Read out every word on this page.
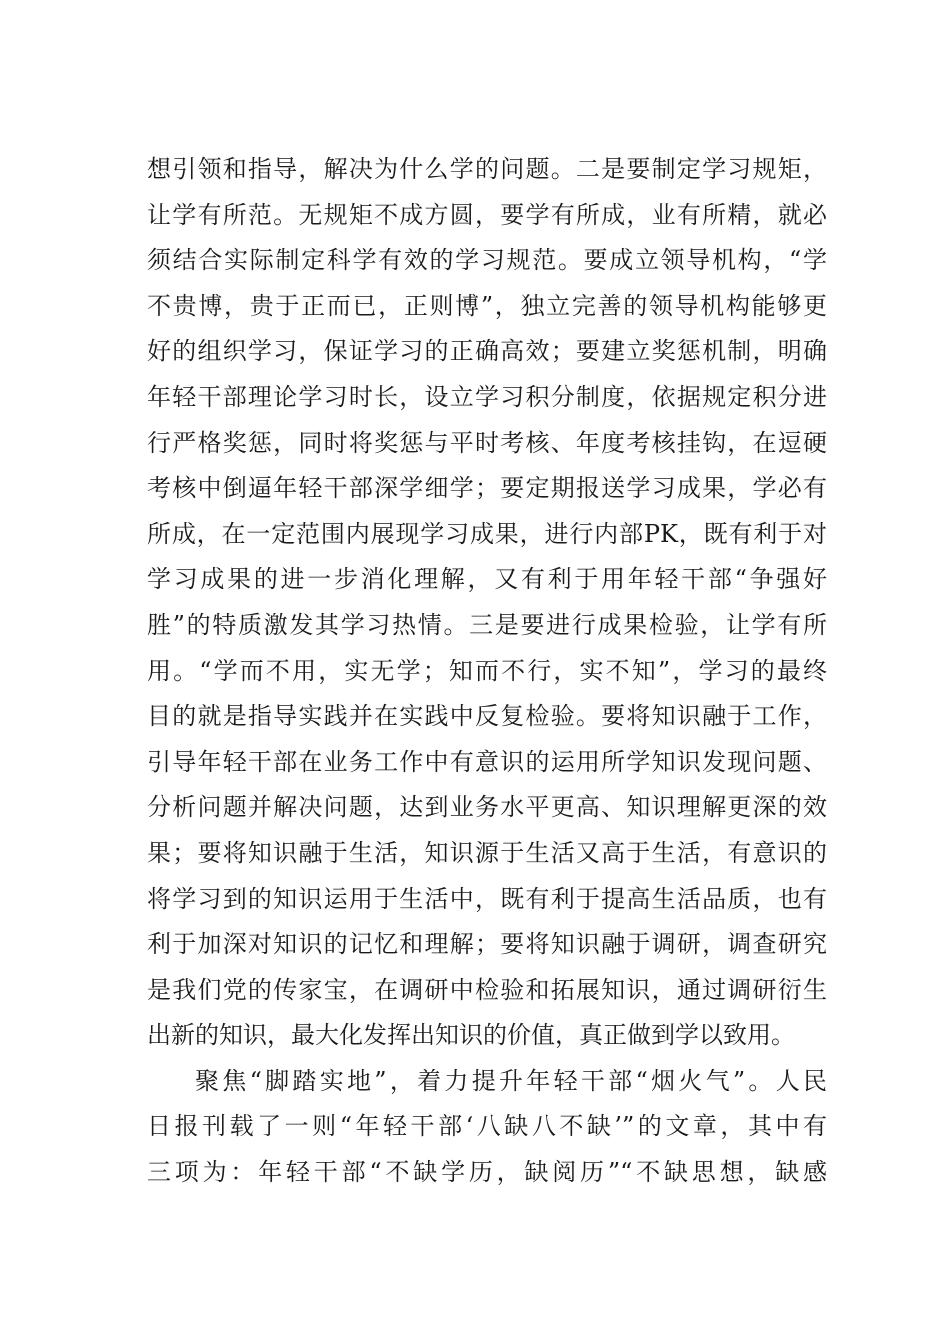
想引领和指导，解决为什么学的问题。二是要制定学习规矩，
让学有所范。无规矩不成方圆，要学有所成，业有所精，就必
须结合实际制定科学有效的学习规范。要成立领导机构，“学
不贵博，贵于正而已，正则博”，独立完善的领导机构能够更
好的组织学习，保证学习的正确高效；要建立奖惩机制，明确
年轻干部理论学习时长，设立学习积分制度，依据规定积分进
行严格奖惩，同时将奖惩与平时考核、年度考核挂钩，在逗硬
考核中倒逼年轻干部深学细学；要定期报送学习成果，学必有
所成，在一定范围内展现学习成果，进行内部PK，既有利于对
学习成果的进一步消化理解，又有利于用年轻干部“争强好
胜”的特质激发其学习热情。三是要进行成果检验，让学有所
用。“学而不用，实无学；知而不行，实不知”，学习的最终
目的就是指导实践并在实践中反复检验。要将知识融于工作，
引导年轻干部在业务工作中有意识的运用所学知识发现问题、
分析问题并解决问题，达到业务水平更高、知识理解更深的效
果；要将知识融于生活，知识源于生活又高于生活，有意识的
将学习到的知识运用于生活中，既有利于提高生活品质，也有
利于加深对知识的记忆和理解；要将知识融于调研，调查研究
是我们党的传家宝，在调研中检验和拓展知识，通过调研衍生
出新的知识，最大化发挥出知识的价值，真正做到学以致用。
聚焦“脚踏实地”，着力提升年轻干部“烟火气”。人民
日报刊载了一则“年轻干部‘八缺八不缺’”的文章，其中有
三项为：年轻干部“不缺学历，缺阅历”“不缺思想，缺感
